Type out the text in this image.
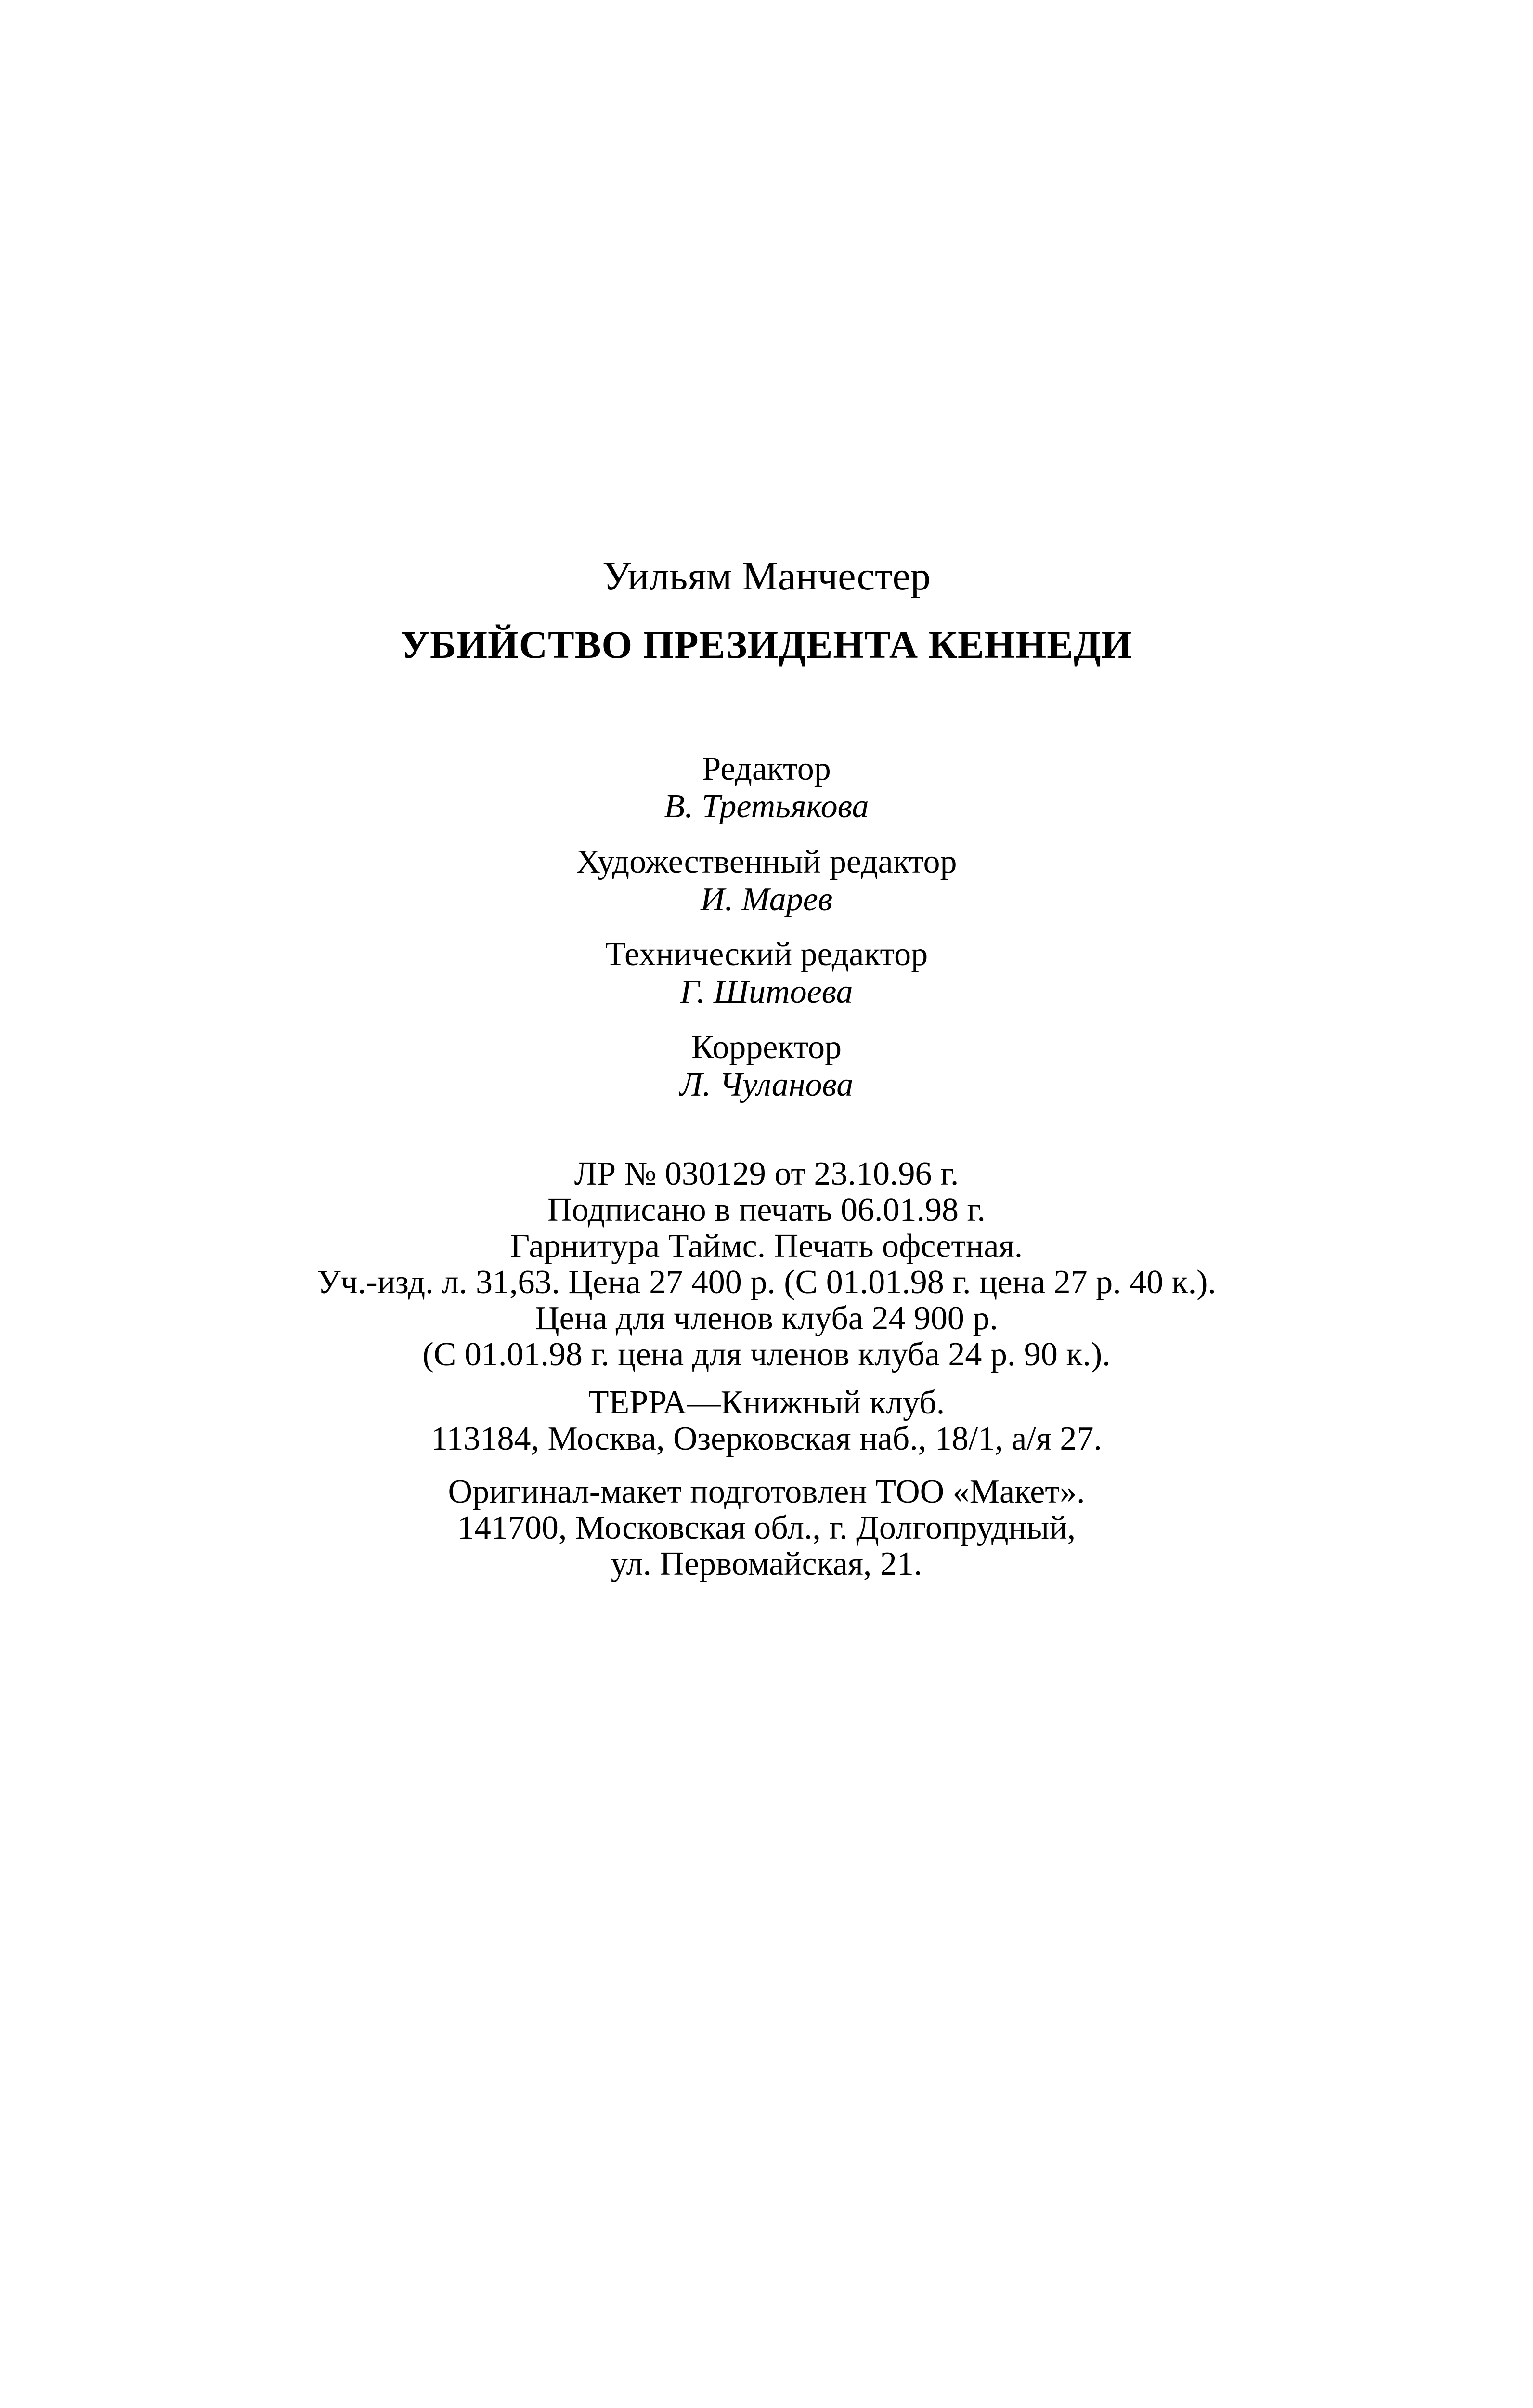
Уильям Манчестер
УБИЙСТВО ПРЕЗИДЕНТА КЕННЕДИ
Редактор
В. Третьякова
Художественный редактор
И. Марев
Технический редактор
Г. Шитоева
Корректор
Л. Чуланова
ЛР № 030129 от 23.10.96 г.
Подписано в печать 06.01.98 г.
Гарнитура Таймс. Печать офсетная.
Уч.-изд. л. 31,63. Цена 27 400 р. (С 01.01.98 г. цена 27 р. 40 к.).
Цена для членов клуба 24 900 р.
(С 01.01.98 г. цена для членов клуба 24 р. 90 к.).
ТЕРРА—Книжный клуб.
113184, Москва, Озерковская наб., 18/1, а/я 27.
Оригинал-макет подготовлен ТОО «Макет».
141700, Московская обл., г. Долгопрудный,
ул. Первомайская, 21.
